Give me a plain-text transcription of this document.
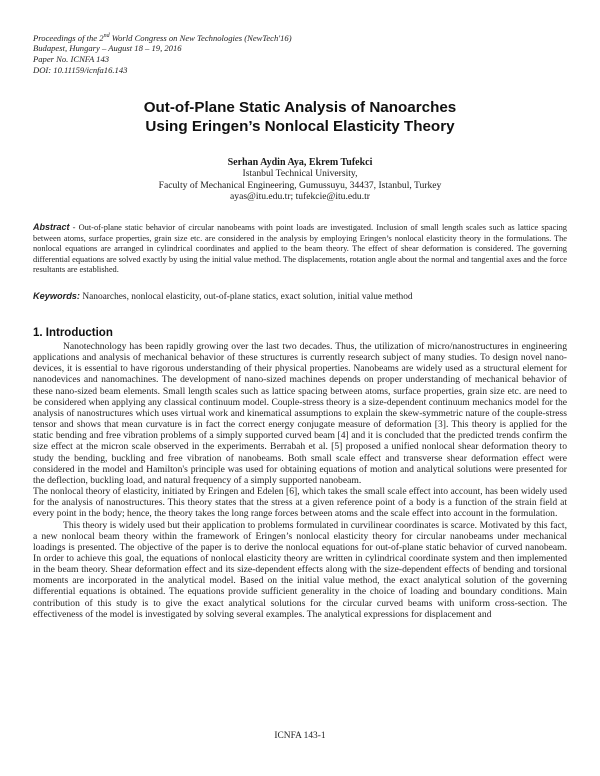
Proceedings of the 2nd World Congress on New Technologies (NewTech'16)
Budapest, Hungary – August 18 – 19, 2016
Paper No. ICNFA 143
DOI: 10.11159/icnfa16.143
Out-of-Plane Static Analysis of Nanoarches
Using Eringen’s Nonlocal Elasticity Theory
Serhan Aydin Aya, Ekrem Tufekci
Istanbul Technical University,
Faculty of Mechanical Engineering, Gumussuyu, 34437, Istanbul, Turkey
ayas@itu.edu.tr; tufekcie@itu.edu.tr
Abstract - Out-of-plane static behavior of circular nanobeams with point loads are investigated. Inclusion of small length scales such as lattice spacing between atoms, surface properties, grain size etc. are considered in the analysis by employing Eringen’s nonlocal elasticity theory in the formulations. The nonlocal equations are arranged in cylindrical coordinates and applied to the beam theory. The effect of shear deformation is considered. The governing differential equations are solved exactly by using the initial value method. The displacements, rotation angle about the normal and tangential axes and the force resultants are established.
Keywords: Nanoarches, nonlocal elasticity, out-of-plane statics, exact solution, initial value method
1. Introduction

Nanotechnology has been rapidly growing over the last two decades. Thus, the utilization of micro/nanostructures in engineering applications and analysis of mechanical behavior of these structures is currently research subject of many studies. To design novel nano-devices, it is essential to have rigorous understanding of their physical properties. Nanobeams are widely used as a structural element for nanodevices and nanomachines. The development of nano-sized machines depends on proper understanding of mechanical behavior of these nano-sized beam elements. Small length scales such as lattice spacing between atoms, surface properties, grain size etc. are need to be considered when applying any classical continuum model. Couple-stress theory is a size-dependent continuum mechanics model for the analysis of nanostructures which uses virtual work and kinematical assumptions to explain the skew-symmetric nature of the couple-stress tensor and shows that mean curvature is in fact the correct energy conjugate measure of deformation [3]. This theory is applied for the static bending and free vibration problems of a simply supported curved beam [4] and it is concluded that the predicted trends confirm the size effect at the micron scale observed in the experiments. Berrabah et al. [5] proposed a unified nonlocal shear deformation theory to study the bending, buckling and free vibration of nanobeams. Both small scale effect and transverse shear deformation effect were considered in the model and Hamilton's principle was used for obtaining equations of motion and analytical solutions were presented for the deflection, buckling load, and natural frequency of a simply supported nanobeam.

The nonlocal theory of elasticity, initiated by Eringen and Edelen [6], which takes the small scale effect into account, has been widely used for the analysis of nanostructures. This theory states that the stress at a given reference point of a body is a function of the strain field at every point in the body; hence, the theory takes the long range forces between atoms and the scale effect into account in the formulation.

This theory is widely used but their application to problems formulated in curvilinear coordinates is scarce. Motivated by this fact, a new nonlocal beam theory within the framework of Eringen’s nonlocal elasticity theory for circular nanobeams under mechanical loadings is presented. The objective of the paper is to derive the nonlocal equations for out-of-plane static behavior of curved nanobeam. In order to achieve this goal, the equations of nonlocal elasticity theory are written in cylindrical coordinate system and then implemented in the beam theory. Shear deformation effect and its size-dependent effects along with the size-dependent effects of bending and torsional moments are incorporated in the analytical model. Based on the initial value method, the exact analytical solution of the governing differential equations is obtained. The equations provide sufficient generality in the choice of loading and boundary conditions. Main contribution of this study is to give the exact analytical solutions for the circular curved beams with uniform cross-section. The effectiveness of the model is investigated by solving several examples. The analytical expressions for displacement and

ICNFA 143-1
